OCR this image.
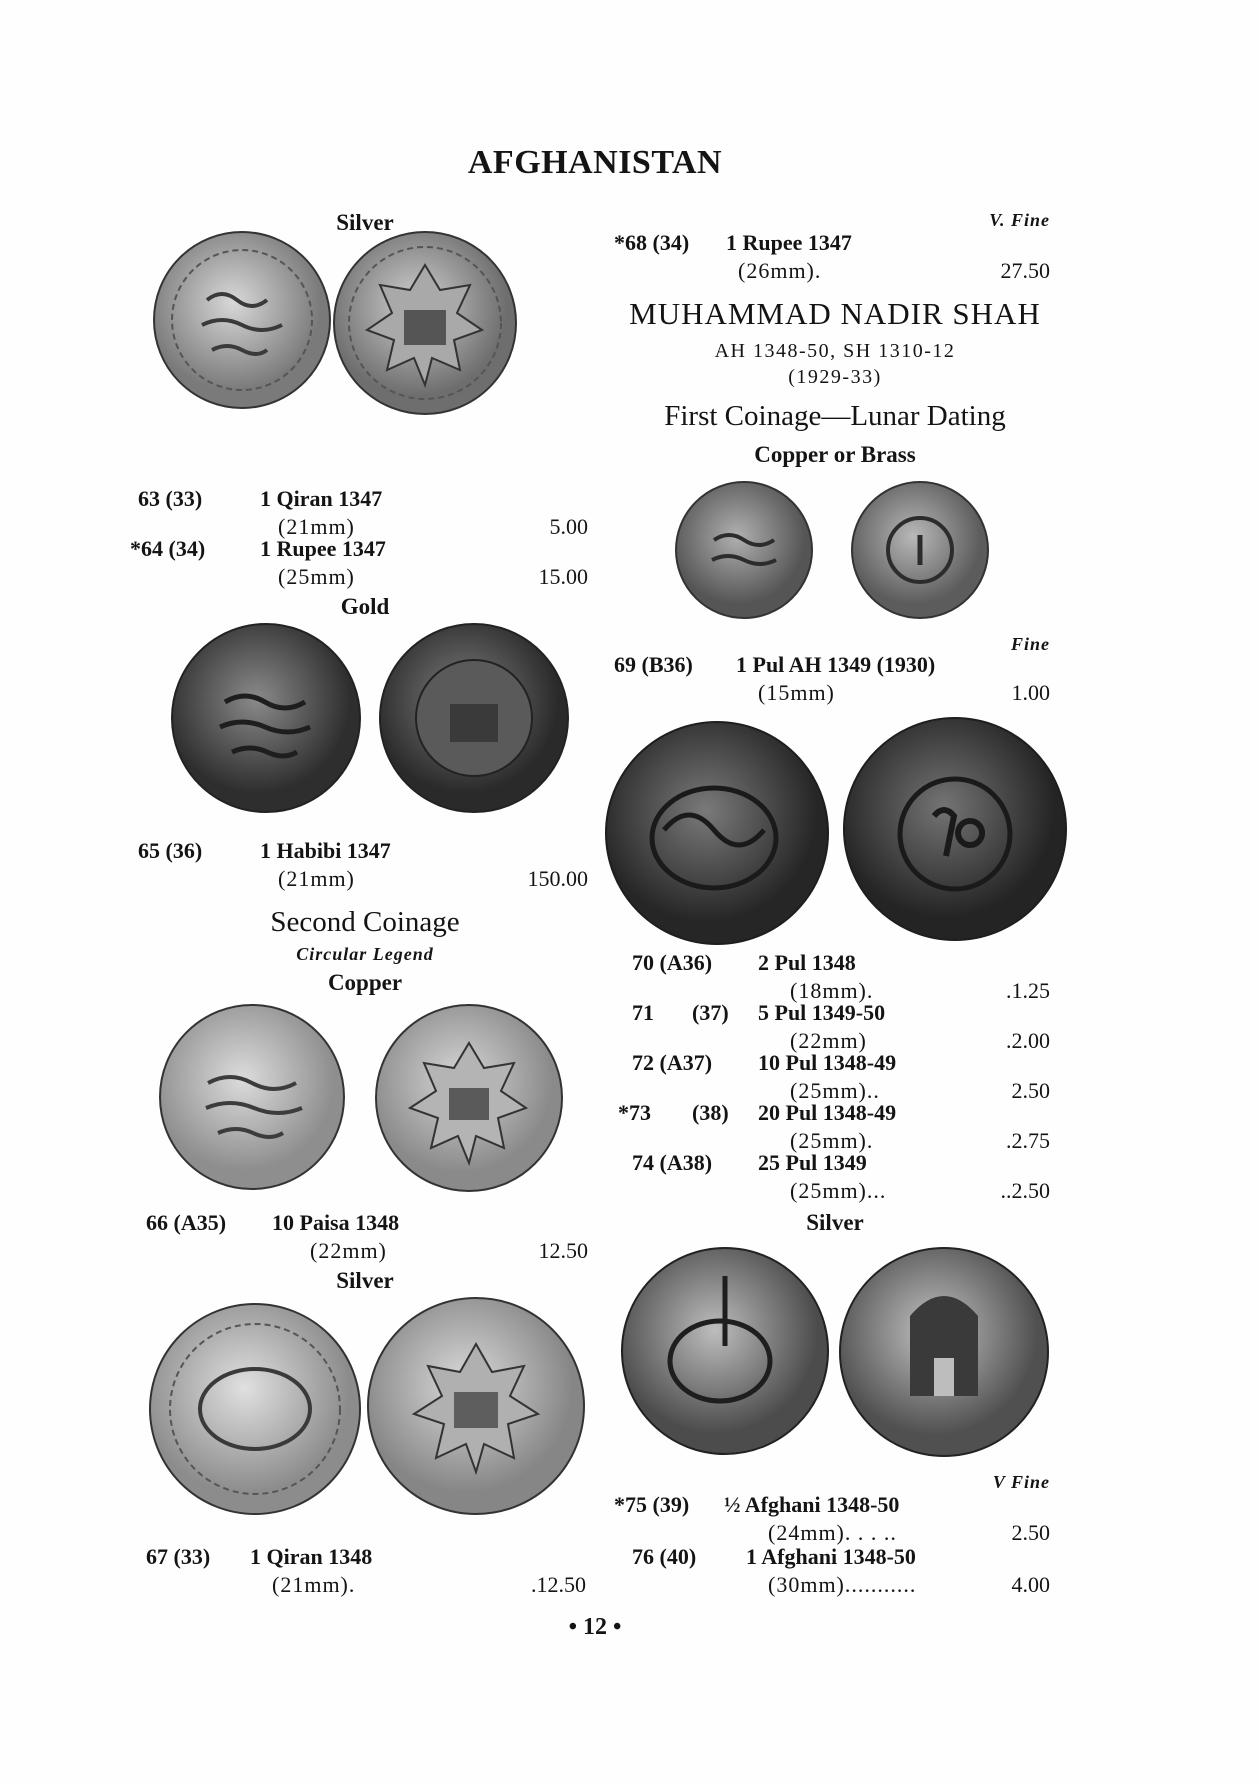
AFGHANISTAN
Silver
63 (33)	1 Qiran 1347
(21mm)	5.00
*64 (34) 1 Rupee 1347
(25mm)	15.00
Gold
65 (36)	1 Habibi 1347
(21mm)	150.00
Second Coinage
Circular Legend
Copper
66 (A35) 10 Paisa 1348
(22mm)	12.50
Silver
67 (33) 1 Qiran 1348
(21mm).	.12.50
V. Fine
*68 (34) 1 Rupee 1347
(26mm).	27.50
MUHAMMAD NADIR SHAH
AH 1348-50, SH 1310-12
(1929-33)
First Coinage—Lunar Dating
Copper or Brass
Fine
69 (B36) 1 Pul AH 1349 (1930)
(15mm)	1.00
70 (A36) 2 Pul 1348
(18mm).	.1.25
71 (37) 5 Pul 1349-50
(22mm)	.2.00
72 (A37) 10 Pul 1348-49
(25mm)..	2.50
*73 (38) 20 Pul 1348-49
(25mm).	.2.75
74 (A38) 25 Pul 1349
(25mm)...	..2.50
Silver
V Fine
*75 (39) ½ Afghani 1348-50
(24mm). . . ..	2.50
76 (40) 1 Afghani 1348-50
(30mm)...........	4.00
• 12 •
